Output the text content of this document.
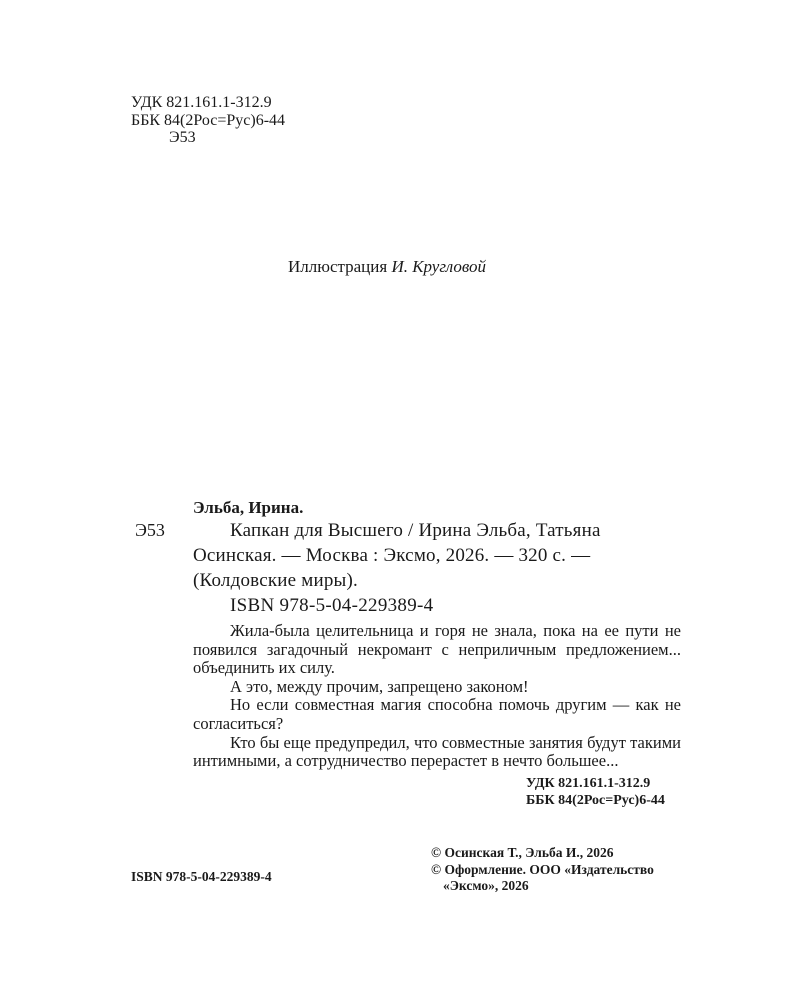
УДК 821.161.1-312.9
ББК 84(2Рос=Рус)6-44
Э53
Иллюстрация И. Кругловой
Эльба, Ирина.
Э53	Капкан для Высшего / Ирина Эльба, Татьяна
Осинская. — Москва : Эксмо, 2026. — 320 с. —
(Колдовские миры).
ISBN 978-5-04-229389-4

Жила-была целительница и горя не знала, пока на ее пути не появился загадочный некромант с неприличным предложением... объединить их силу.

А это, между прочим, запрещено законом!

Но если совместная магия способна помочь другим — как не согласиться?

Кто бы еще предупредил, что совместные занятия будут такими интимными, а сотрудничество перерастет в нечто большее...

УДК 821.161.1-312.9
ББК 84(2Рос=Рус)6-44
ISBN 978-5-04-229389-4
© Осинская Т., Эльба И., 2026
© Оформление. ООО «Издательство
«Эксмо», 2026
